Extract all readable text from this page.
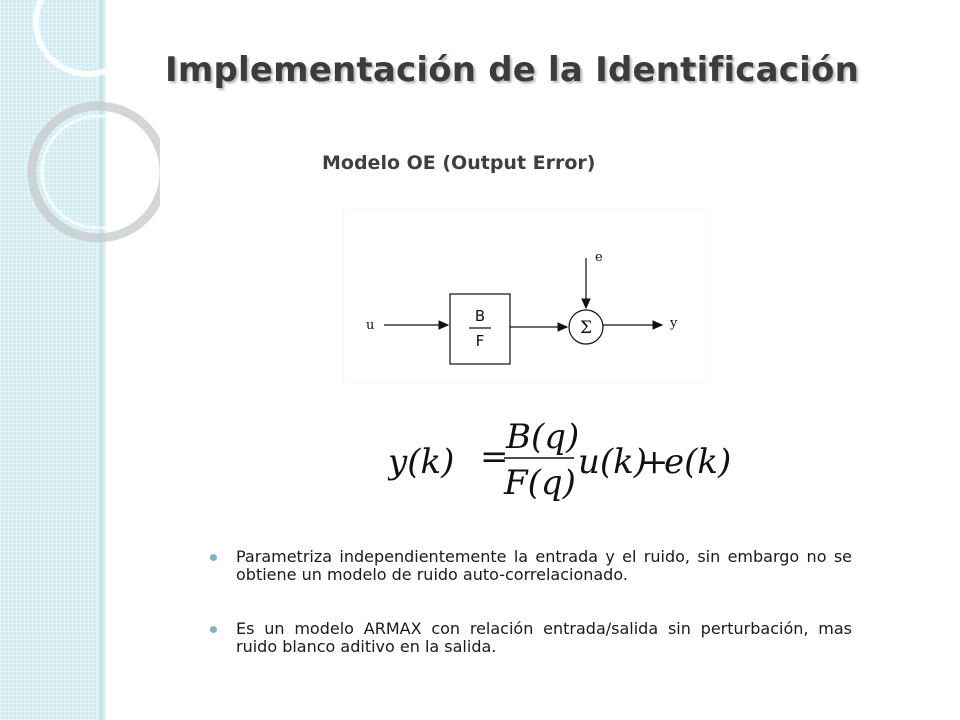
Implementación de la Identificación
Modelo OE (Output Error)
u
B
F
e
Σ	y
y(k) =
B(q)
F(q)
u(k)
+
e(k)
Parametriza independientemente la entrada y el ruido, sin embargo no se obtiene un modelo de ruido auto-correlacionado.
Es un modelo ARMAX con relación entrada/salida sin perturbación, mas ruido blanco aditivo en la salida.
